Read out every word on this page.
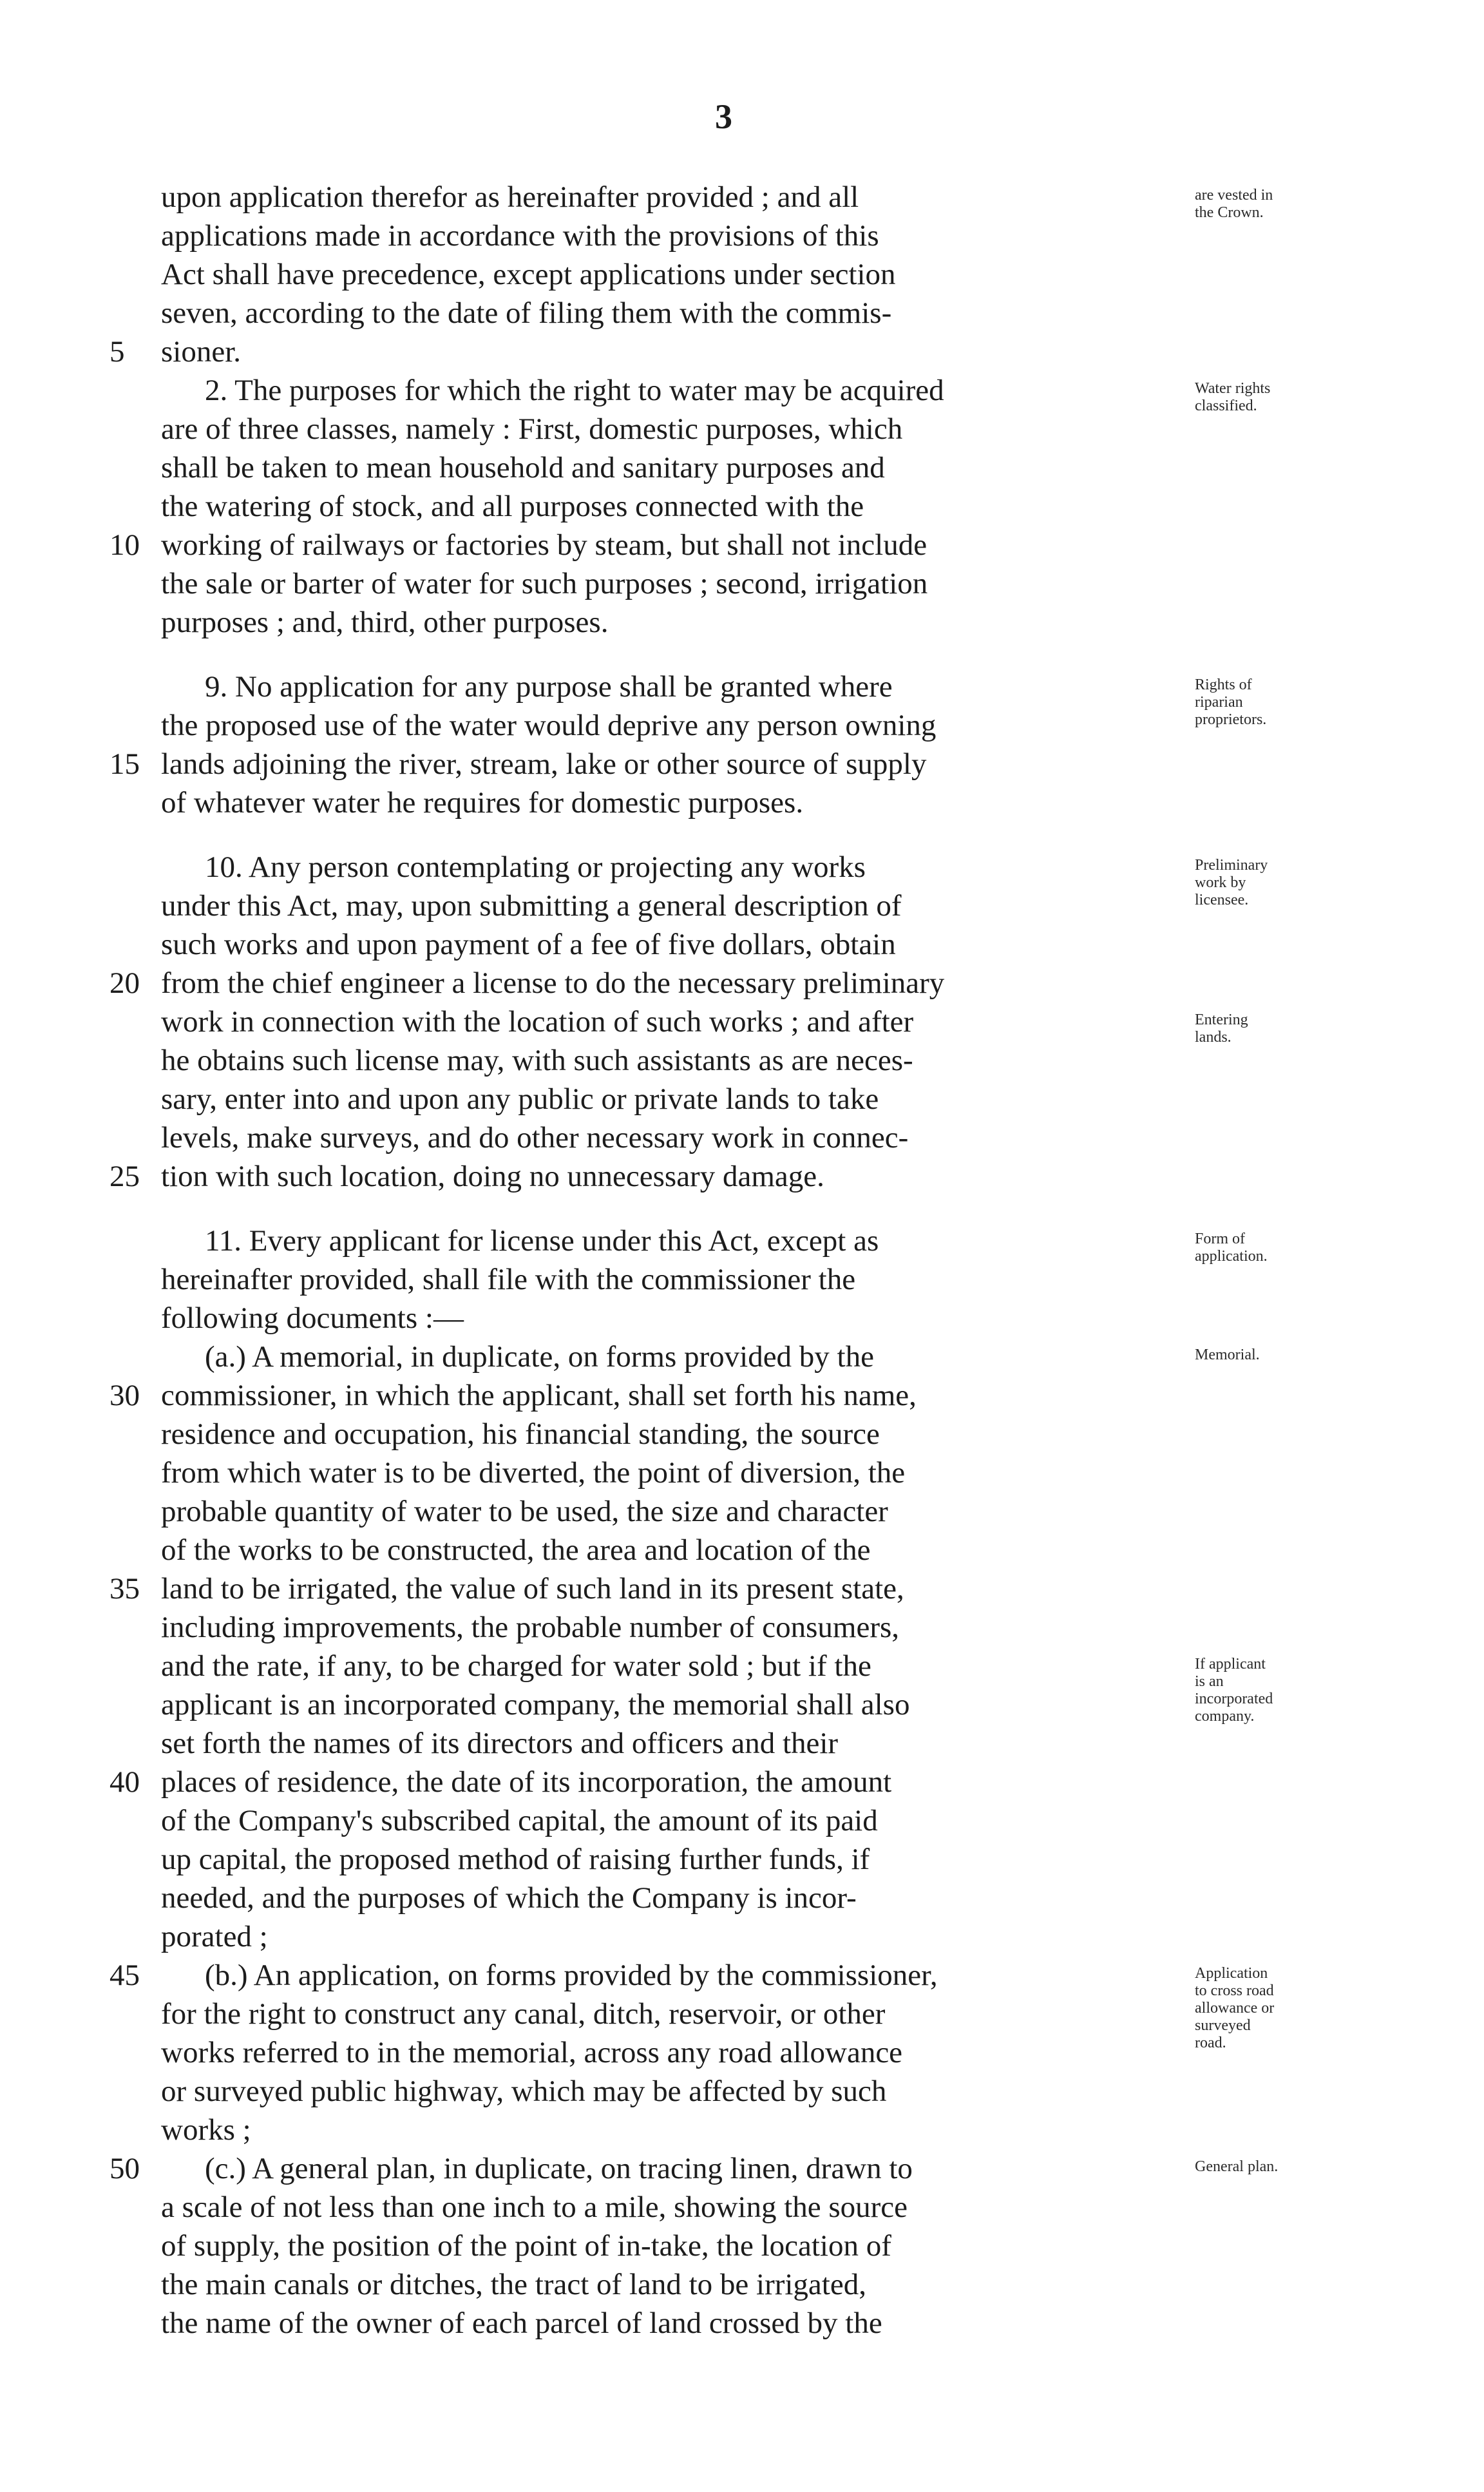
3
upon application therefor as hereinafter provided ; and all
applications made in accordance with the provisions of this
Act shall have precedence, except applications under section
seven, according to the date of filing them with the commis-
sioner.
2. The purposes for which the right to water may be acquired
are of three classes, namely : First, domestic purposes, which
shall be taken to mean household and sanitary purposes and
the watering of stock, and all purposes connected with the
working of railways or factories by steam, but shall not include
the sale or barter of water for such purposes ; second, irrigation
purposes ; and, third, other purposes.
9. No application for any purpose shall be granted where
the proposed use of the water would deprive any person owning
lands adjoining the river, stream, lake or other source of supply
of whatever water he requires for domestic purposes.
10. Any person contemplating or projecting any works
under this Act, may, upon submitting a general description of
such works and upon payment of a fee of five dollars, obtain
from the chief engineer a license to do the necessary preliminary
work in connection with the location of such works ; and after
he obtains such license may, with such assistants as are neces-
sary, enter into and upon any public or private lands to take
levels, make surveys, and do other necessary work in connec-
tion with such location, doing no unnecessary damage.
11. Every applicant for license under this Act, except as
hereinafter provided, shall file with the commissioner the
following documents :—
(a.) A memorial, in duplicate, on forms provided by the
commissioner, in which the applicant, shall set forth his name,
residence and occupation, his financial standing, the source
from which water is to be diverted, the point of diversion, the
probable quantity of water to be used, the size and character
of the works to be constructed, the area and location of the
land to be irrigated, the value of such land in its present state,
including improvements, the probable number of consumers,
and the rate, if any, to be charged for water sold ; but if the
applicant is an incorporated company, the memorial shall also
set forth the names of its directors and officers and their
places of residence, the date of its incorporation, the amount
of the Company's subscribed capital, the amount of its paid
up capital, the proposed method of raising further funds, if
needed, and the purposes of which the Company is incor-
porated ;
(b.) An application, on forms provided by the commissioner,
for the right to construct any canal, ditch, reservoir, or other
works referred to in the memorial, across any road allowance
or surveyed public highway, which may be affected by such
works ;
(c.) A general plan, in duplicate, on tracing linen, drawn to
a scale of not less than one inch to a mile, showing the source
of supply, the position of the point of in-take, the location of
the main canals or ditches, the tract of land to be irrigated,
the name of the owner of each parcel of land crossed by the
5
10
15
20
25
30
35
40
45
50
are vested in
the Crown.
Water rights
classified.
Rights of
riparian
proprietors.
Preliminary
work by
licensee.
Entering
lands.
Form of
application.
Memorial.
If applicant
is an
incorporated
company.
Application
to cross road
allowance or
surveyed
road.
General plan.
